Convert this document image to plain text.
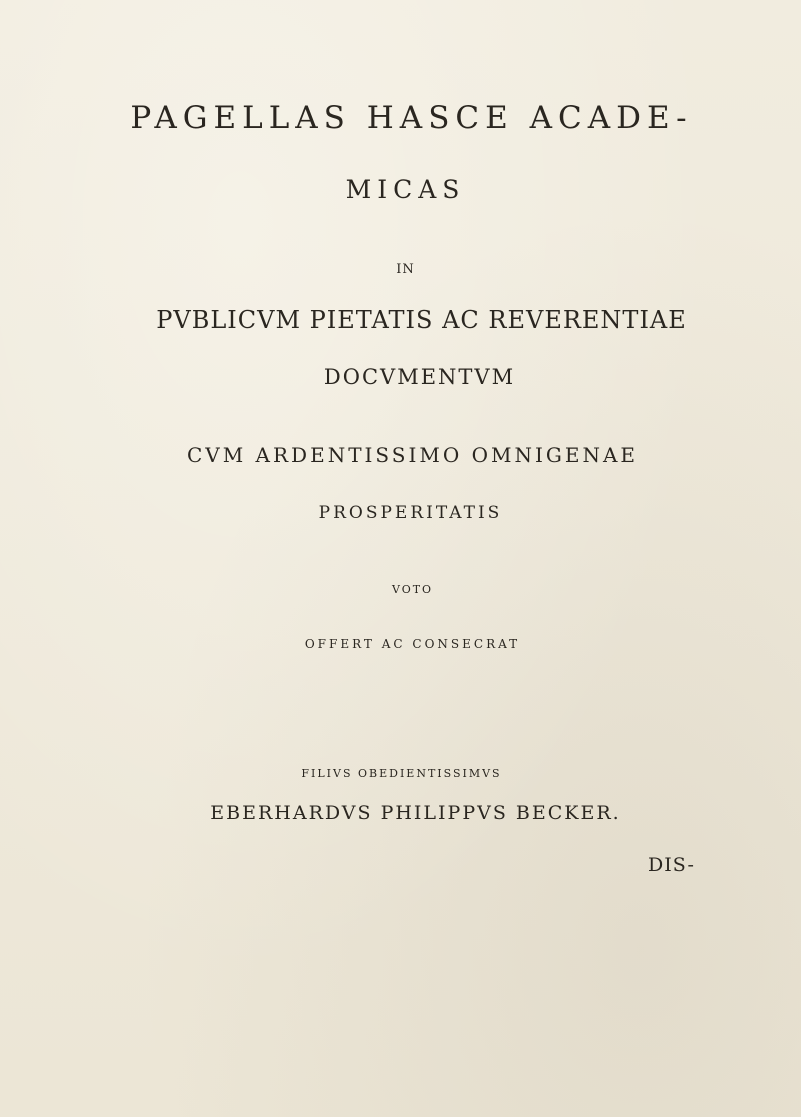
PAGELLAS HASCE ACADE-

MICAS

IN

PVBLICVM PIETATIS AC REVERENTIAE

DOCVMENTVM

CVM ARDENTISSIMO OMNIGENAE

PROSPERITATIS

VOTO

OFFERT AC CONSECRAT

FILIVS OBEDIENTISSIMVS

EBERHARDVS PHILIPPVS BECKER.

DIS-
